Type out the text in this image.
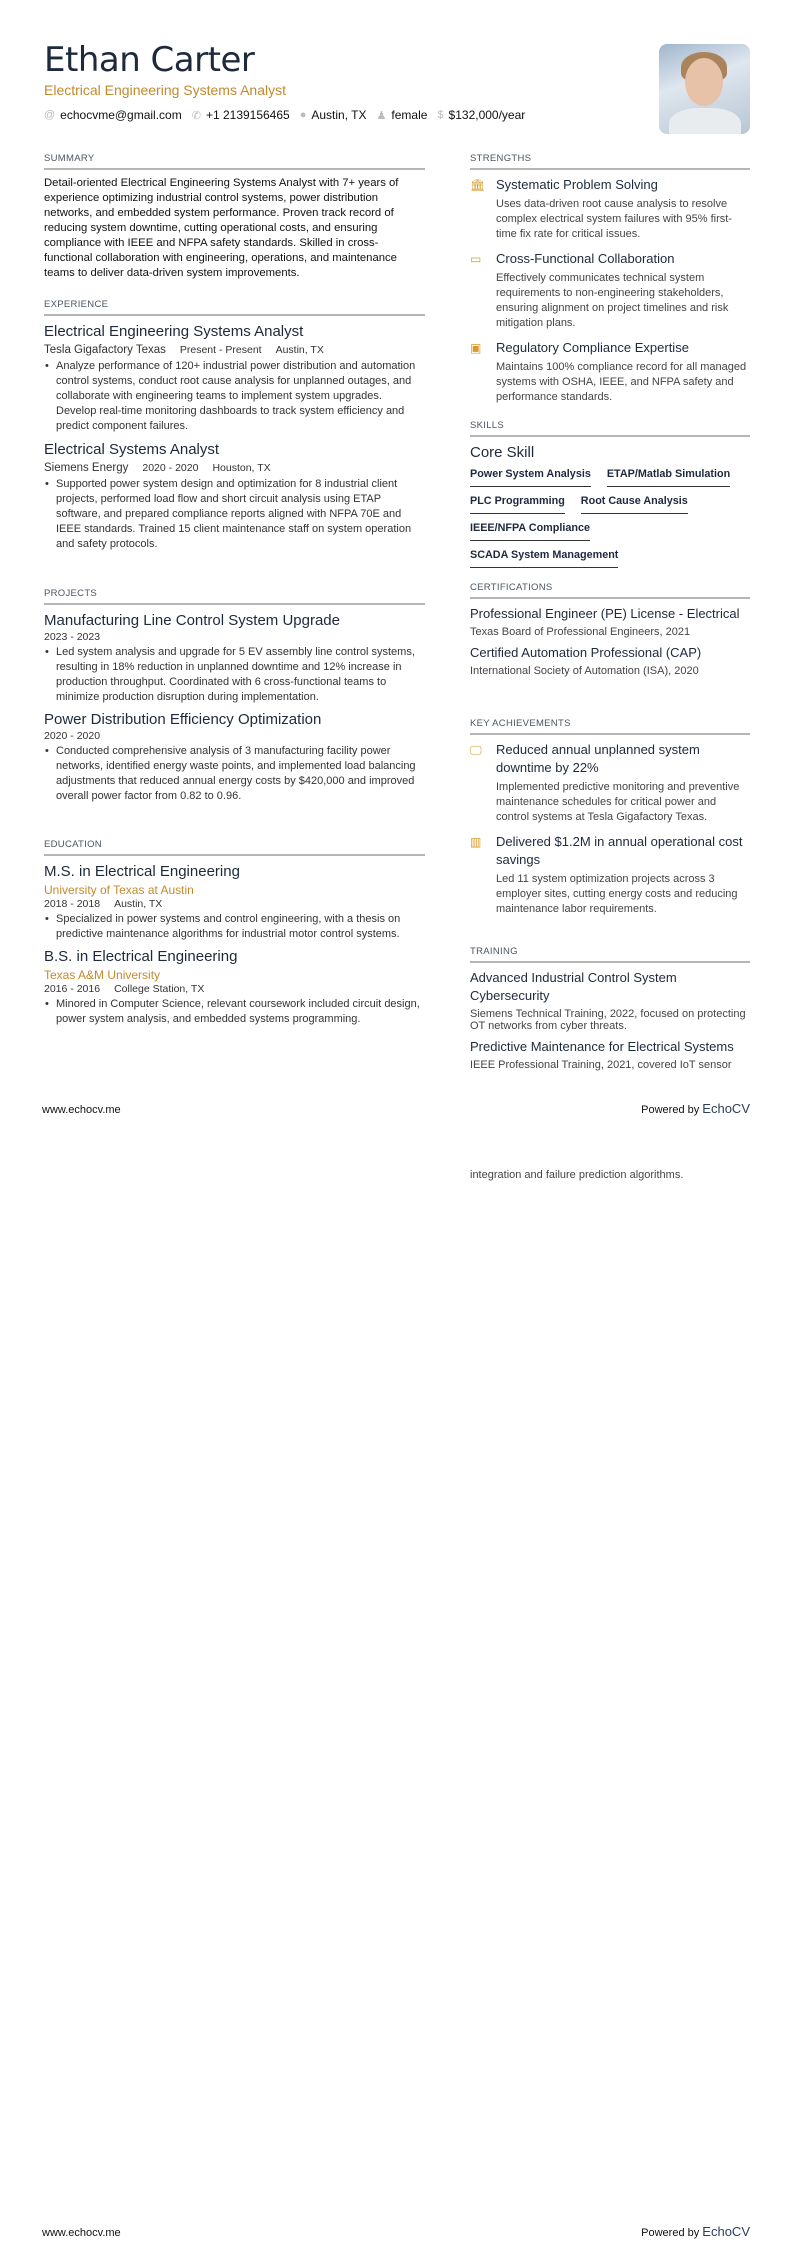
Ethan Carter
Electrical Engineering Systems Analyst
@ echocvme@gmail.com ✆ +1 2139156465 ● Austin, TX ♟ female $ $132,000/year
SUMMARY
Detail-oriented Electrical Engineering Systems Analyst with 7+ years of experience optimizing industrial control systems, power distribution networks, and embedded system performance. Proven track record of reducing system downtime, cutting operational costs, and ensuring compliance with IEEE and NFPA safety standards. Skilled in cross-functional collaboration with engineering, operations, and maintenance teams to deliver data-driven system improvements.
EXPERIENCE
Electrical Engineering Systems Analyst
Tesla Gigafactory Texas Present - Present Austin, TX
• Analyze performance of 120+ industrial power distribution and automation control systems, conduct root cause analysis for unplanned outages, and collaborate with engineering teams to implement system upgrades. Develop real-time monitoring dashboards to track system efficiency and predict component failures.
Electrical Systems Analyst
Siemens Energy 2020 - 2020 Houston, TX
• Supported power system design and optimization for 8 industrial client projects, performed load flow and short circuit analysis using ETAP software, and prepared compliance reports aligned with NFPA 70E and IEEE standards. Trained 15 client maintenance staff on system operation and safety protocols.
PROJECTS
Manufacturing Line Control System Upgrade
2023 - 2023
• Led system analysis and upgrade for 5 EV assembly line control systems, resulting in 18% reduction in unplanned downtime and 12% increase in production throughput. Coordinated with 6 cross-functional teams to minimize production disruption during implementation.
Power Distribution Efficiency Optimization
2020 - 2020
• Conducted comprehensive analysis of 3 manufacturing facility power networks, identified energy waste points, and implemented load balancing adjustments that reduced annual energy costs by $420,000 and improved overall power factor from 0.82 to 0.96.
EDUCATION
M.S. in Electrical Engineering
University of Texas at Austin
2018 - 2018 Austin, TX
• Specialized in power systems and control engineering, with a thesis on predictive maintenance algorithms for industrial motor control systems.
B.S. in Electrical Engineering
Texas A&M University
2016 - 2016 College Station, TX
• Minored in Computer Science, relevant coursework included circuit design, power system analysis, and embedded systems programming.
STRENGTHS
🏛 Systematic Problem Solving
Uses data-driven root cause analysis to resolve complex electrical system failures with 95% first-time fix rate for critical issues.
▭ Cross-Functional Collaboration
Effectively communicates technical system requirements to non-engineering stakeholders, ensuring alignment on project timelines and risk mitigation plans.
▣ Regulatory Compliance Expertise
Maintains 100% compliance record for all managed systems with OSHA, IEEE, and NFPA safety and performance standards.
SKILLS
Core Skill
Power System Analysis ETAP/Matlab Simulation
PLC Programming Root Cause Analysis
IEEE/NFPA Compliance
SCADA System Management
CERTIFICATIONS
Professional Engineer (PE) License - Electrical
Texas Board of Professional Engineers, 2021
Certified Automation Professional (CAP)
International Society of Automation (ISA), 2020
KEY ACHIEVEMENTS
🖵 Reduced annual unplanned system downtime by 22%
Implemented predictive monitoring and preventive maintenance schedules for critical power and control systems at Tesla Gigafactory Texas.
▥ Delivered $1.2M in annual operational cost savings
Led 11 system optimization projects across 3 employer sites, cutting energy costs and reducing maintenance labor requirements.
TRAINING
Advanced Industrial Control System Cybersecurity
Siemens Technical Training, 2022, focused on protecting OT networks from cyber threats.
Predictive Maintenance for Electrical Systems
IEEE Professional Training, 2021, covered IoT sensor
www.echocv.me	Powered by EchoCV
integration and failure prediction algorithms.
www.echocv.me	Powered by EchoCV
